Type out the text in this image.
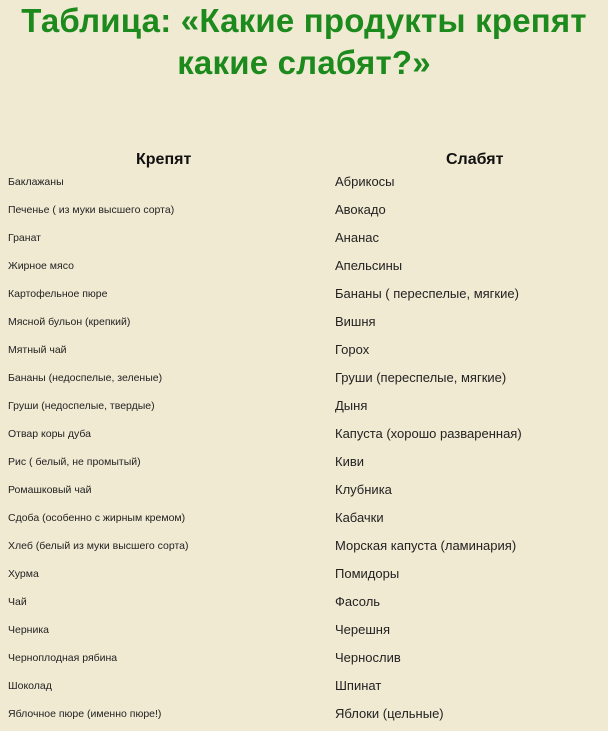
Таблица: «Какие продукты крепят
какие слабят?»
Крепят
Баклажаны
Печенье ( из муки высшего сорта)
Гранат
Жирное мясо
Картофельное пюре
Мясной бульон (крепкий)
Мятный чай
Бананы (недоспелые, зеленые)
Груши (недоспелые, твердые)
Отвар коры дуба
Рис ( белый, не промытый)
Ромашковый чай
Сдоба (особенно с жирным кремом)
Хлеб (белый из муки высшего сорта)
Хурма
Чай
Черника
Черноплодная рябина
Шоколад
Яблочное пюре (именно пюре!)
Слабят
Абрикосы
Авокадо
Ананас
Апельсины
Бананы ( переспелые, мягкие)
Вишня
Горох
Груши (переспелые, мягкие)
Дыня
Капуста (хорошо разваренная)
Киви
Клубника
Кабачки
Морская капуста (ламинария)
Помидоры
Фасоль
Черешня
Чернослив
Шпинат
Яблоки (цельные)
